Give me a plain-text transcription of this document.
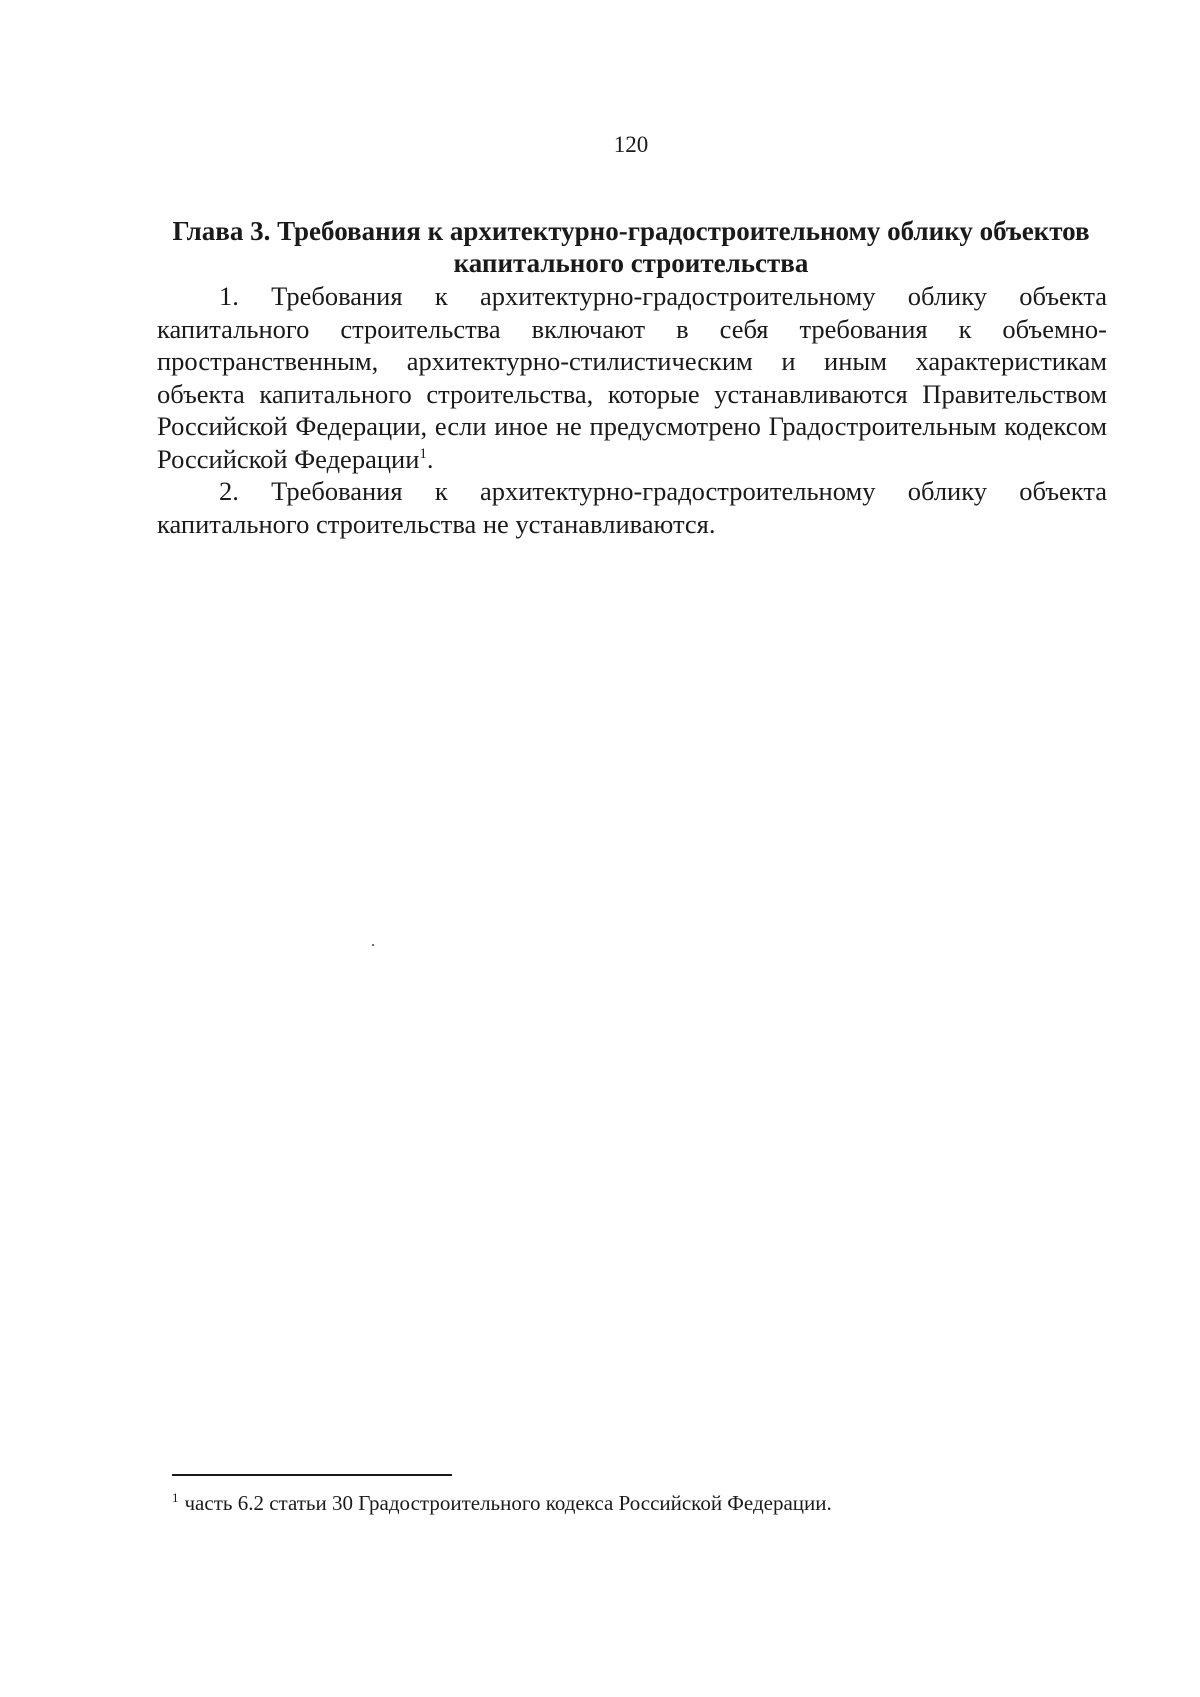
120
Глава 3. Требования к архитектурно-градостроительному облику объектов
капитального строительства

1. Требования к архитектурно-градостроительному облику объекта капитального строительства включают в себя требования к объемно-пространственным, архитектурно-стилистическим и иным характеристикам объекта капитального строительства, которые устанавливаются Правительством Российской Федерации, если иное не предусмотрено Градостроительным кодексом Российской Федерации$^1$.

2. Требования к архитектурно-градостроительному облику объекта капитального строительства не устанавливаются.

$^1$ часть 6.2 статьи 30 Градостроительного кодекса Российской Федерации.
